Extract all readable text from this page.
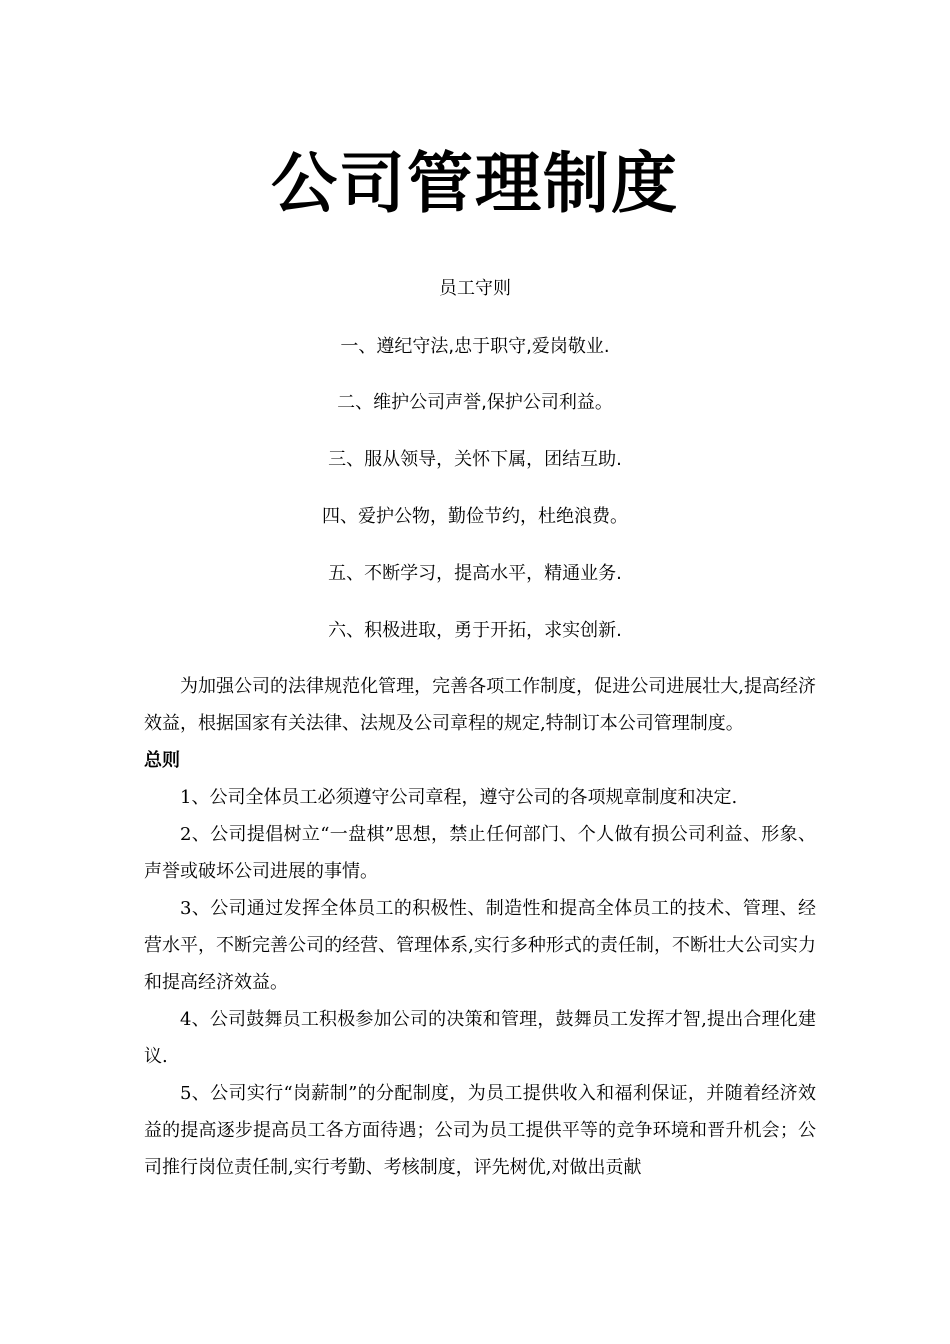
公司管理制度
员工守则
一、遵纪守法,忠于职守,爱岗敬业.
二、维护公司声誉,保护公司利益。
三、服从领导，关怀下属，团结互助.
四、爱护公物，勤俭节约，杜绝浪费。
五、不断学习，提高水平，精通业务.
六、积极进取，勇于开拓，求实创新.

为加强公司的法律规范化管理，完善各项工作制度，促进公司进展壮大,提高经济效益，根据国家有关法律、法规及公司章程的规定,特制订本公司管理制度。

总则

1、公司全体员工必须遵守公司章程，遵守公司的各项规章制度和决定.

2、公司提倡树立“一盘棋”思想，禁止任何部门、个人做有损公司利益、形象、声誉或破坏公司进展的事情。

3、公司通过发挥全体员工的积极性、制造性和提高全体员工的技术、管理、经营水平，不断完善公司的经营、管理体系,实行多种形式的责任制，不断壮大公司实力和提高经济效益。

4、公司鼓舞员工积极参加公司的决策和管理，鼓舞员工发挥才智,提出合理化建议.

5、公司实行“岗薪制”的分配制度，为员工提供收入和福利保证，并随着经济效益的提高逐步提高员工各方面待遇；公司为员工提供平等的竞争环境和晋升机会；公司推行岗位责任制,实行考勤、考核制度，评先树优,对做出贡献
